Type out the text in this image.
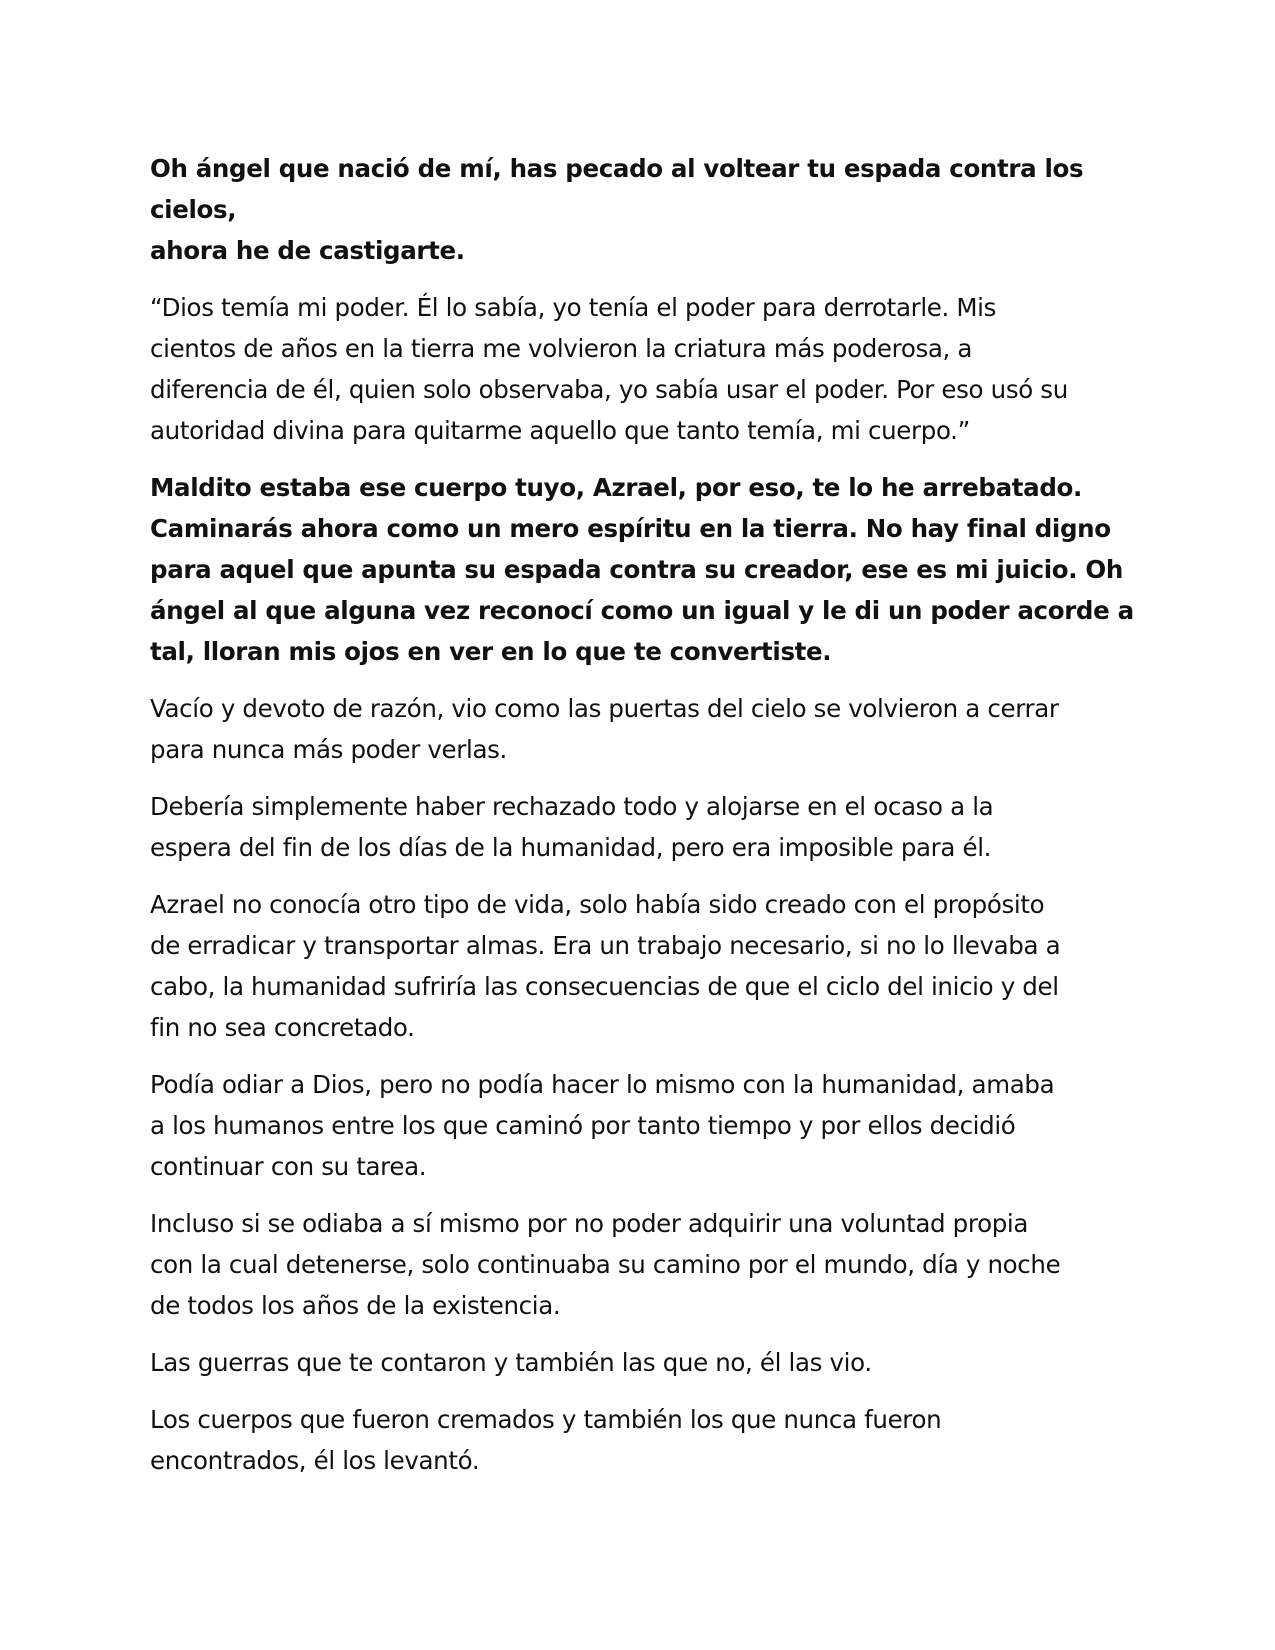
Oh ángel que nació de mí, has pecado al voltear tu espada contra los cielos,
ahora he de castigarte.
“Dios temía mi poder. Él lo sabía, yo tenía el poder para derrotarle. Mis
cientos de años en la tierra me volvieron la criatura más poderosa, a
diferencia de él, quien solo observaba, yo sabía usar el poder. Por eso usó su
autoridad divina para quitarme aquello que tanto temía, mi cuerpo.”
Maldito estaba ese cuerpo tuyo, Azrael, por eso, te lo he arrebatado.
Caminarás ahora como un mero espíritu en la tierra. No hay final digno
para aquel que apunta su espada contra su creador, ese es mi juicio. Oh
ángel al que alguna vez reconocí como un igual y le di un poder acorde a
tal, lloran mis ojos en ver en lo que te convertiste.
Vacío y devoto de razón, vio como las puertas del cielo se volvieron a cerrar
para nunca más poder verlas.
Debería simplemente haber rechazado todo y alojarse en el ocaso a la
espera del fin de los días de la humanidad, pero era imposible para él.
Azrael no conocía otro tipo de vida, solo había sido creado con el propósito
de erradicar y transportar almas. Era un trabajo necesario, si no lo llevaba a
cabo, la humanidad sufriría las consecuencias de que el ciclo del inicio y del
fin no sea concretado.
Podía odiar a Dios, pero no podía hacer lo mismo con la humanidad, amaba
a los humanos entre los que caminó por tanto tiempo y por ellos decidió
continuar con su tarea.
Incluso si se odiaba a sí mismo por no poder adquirir una voluntad propia
con la cual detenerse, solo continuaba su camino por el mundo, día y noche
de todos los años de la existencia.
Las guerras que te contaron y también las que no, él las vio.
Los cuerpos que fueron cremados y también los que nunca fueron
encontrados, él los levantó.
